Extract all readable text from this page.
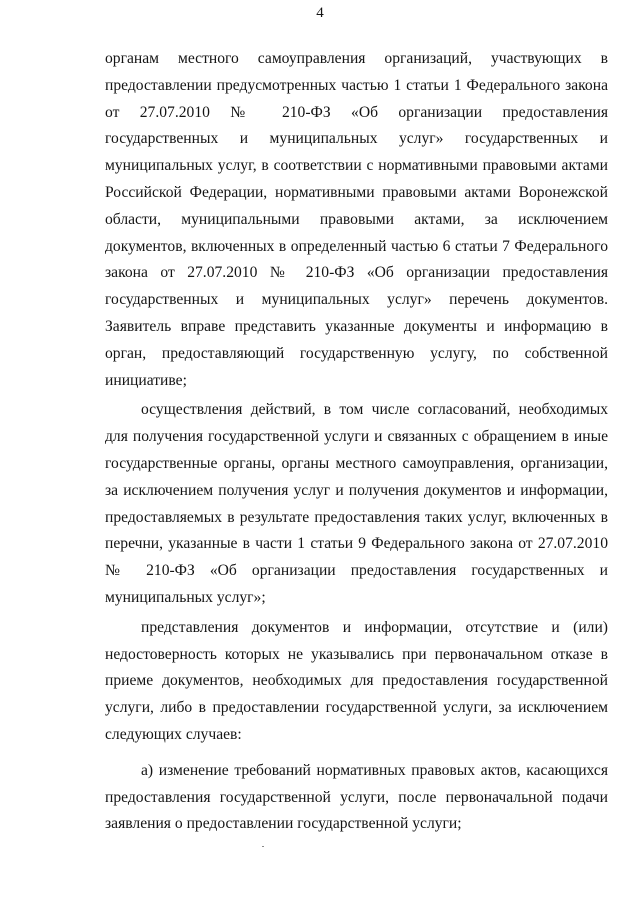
4

органам местного самоуправления организаций, участвующих в предоставлении предусмотренных частью 1 статьи 1 Федерального закона от 27.07.2010 № 210-ФЗ «Об организации предоставления государственных и муниципальных услуг» государственных и муниципальных услуг, в соответствии с нормативными правовыми актами Российской Федерации, нормативными правовыми актами Воронежской области, муниципальными правовыми актами, за исключением документов, включенных в определенный частью 6 статьи 7 Федерального закона от 27.07.2010 № 210-ФЗ «Об организации предоставления государственных и муниципальных услуг» перечень документов. Заявитель вправе представить указанные документы и информацию в орган, предоставляющий государственную услугу, по собственной инициативе;

осуществления действий, в том числе согласований, необходимых для получения государственной услуги и связанных с обращением в иные государственные органы, органы местного самоуправления, организации, за исключением получения услуг и получения документов и информации, предоставляемых в результате предоставления таких услуг, включенных в перечни, указанные в части 1 статьи 9 Федерального закона от 27.07.2010 № 210-ФЗ «Об организации предоставления государственных и муниципальных услуг»;

представления документов и информации, отсутствие и (или) недостоверность которых не указывались при первоначальном отказе в приеме документов, необходимых для предоставления государственной услуги, либо в предоставлении государственной услуги, за исключением следующих случаев:

а) изменение требований нормативных правовых актов, касающихся предоставления государственной услуги, после первоначальной подачи заявления о предоставлении государственной услуги;
